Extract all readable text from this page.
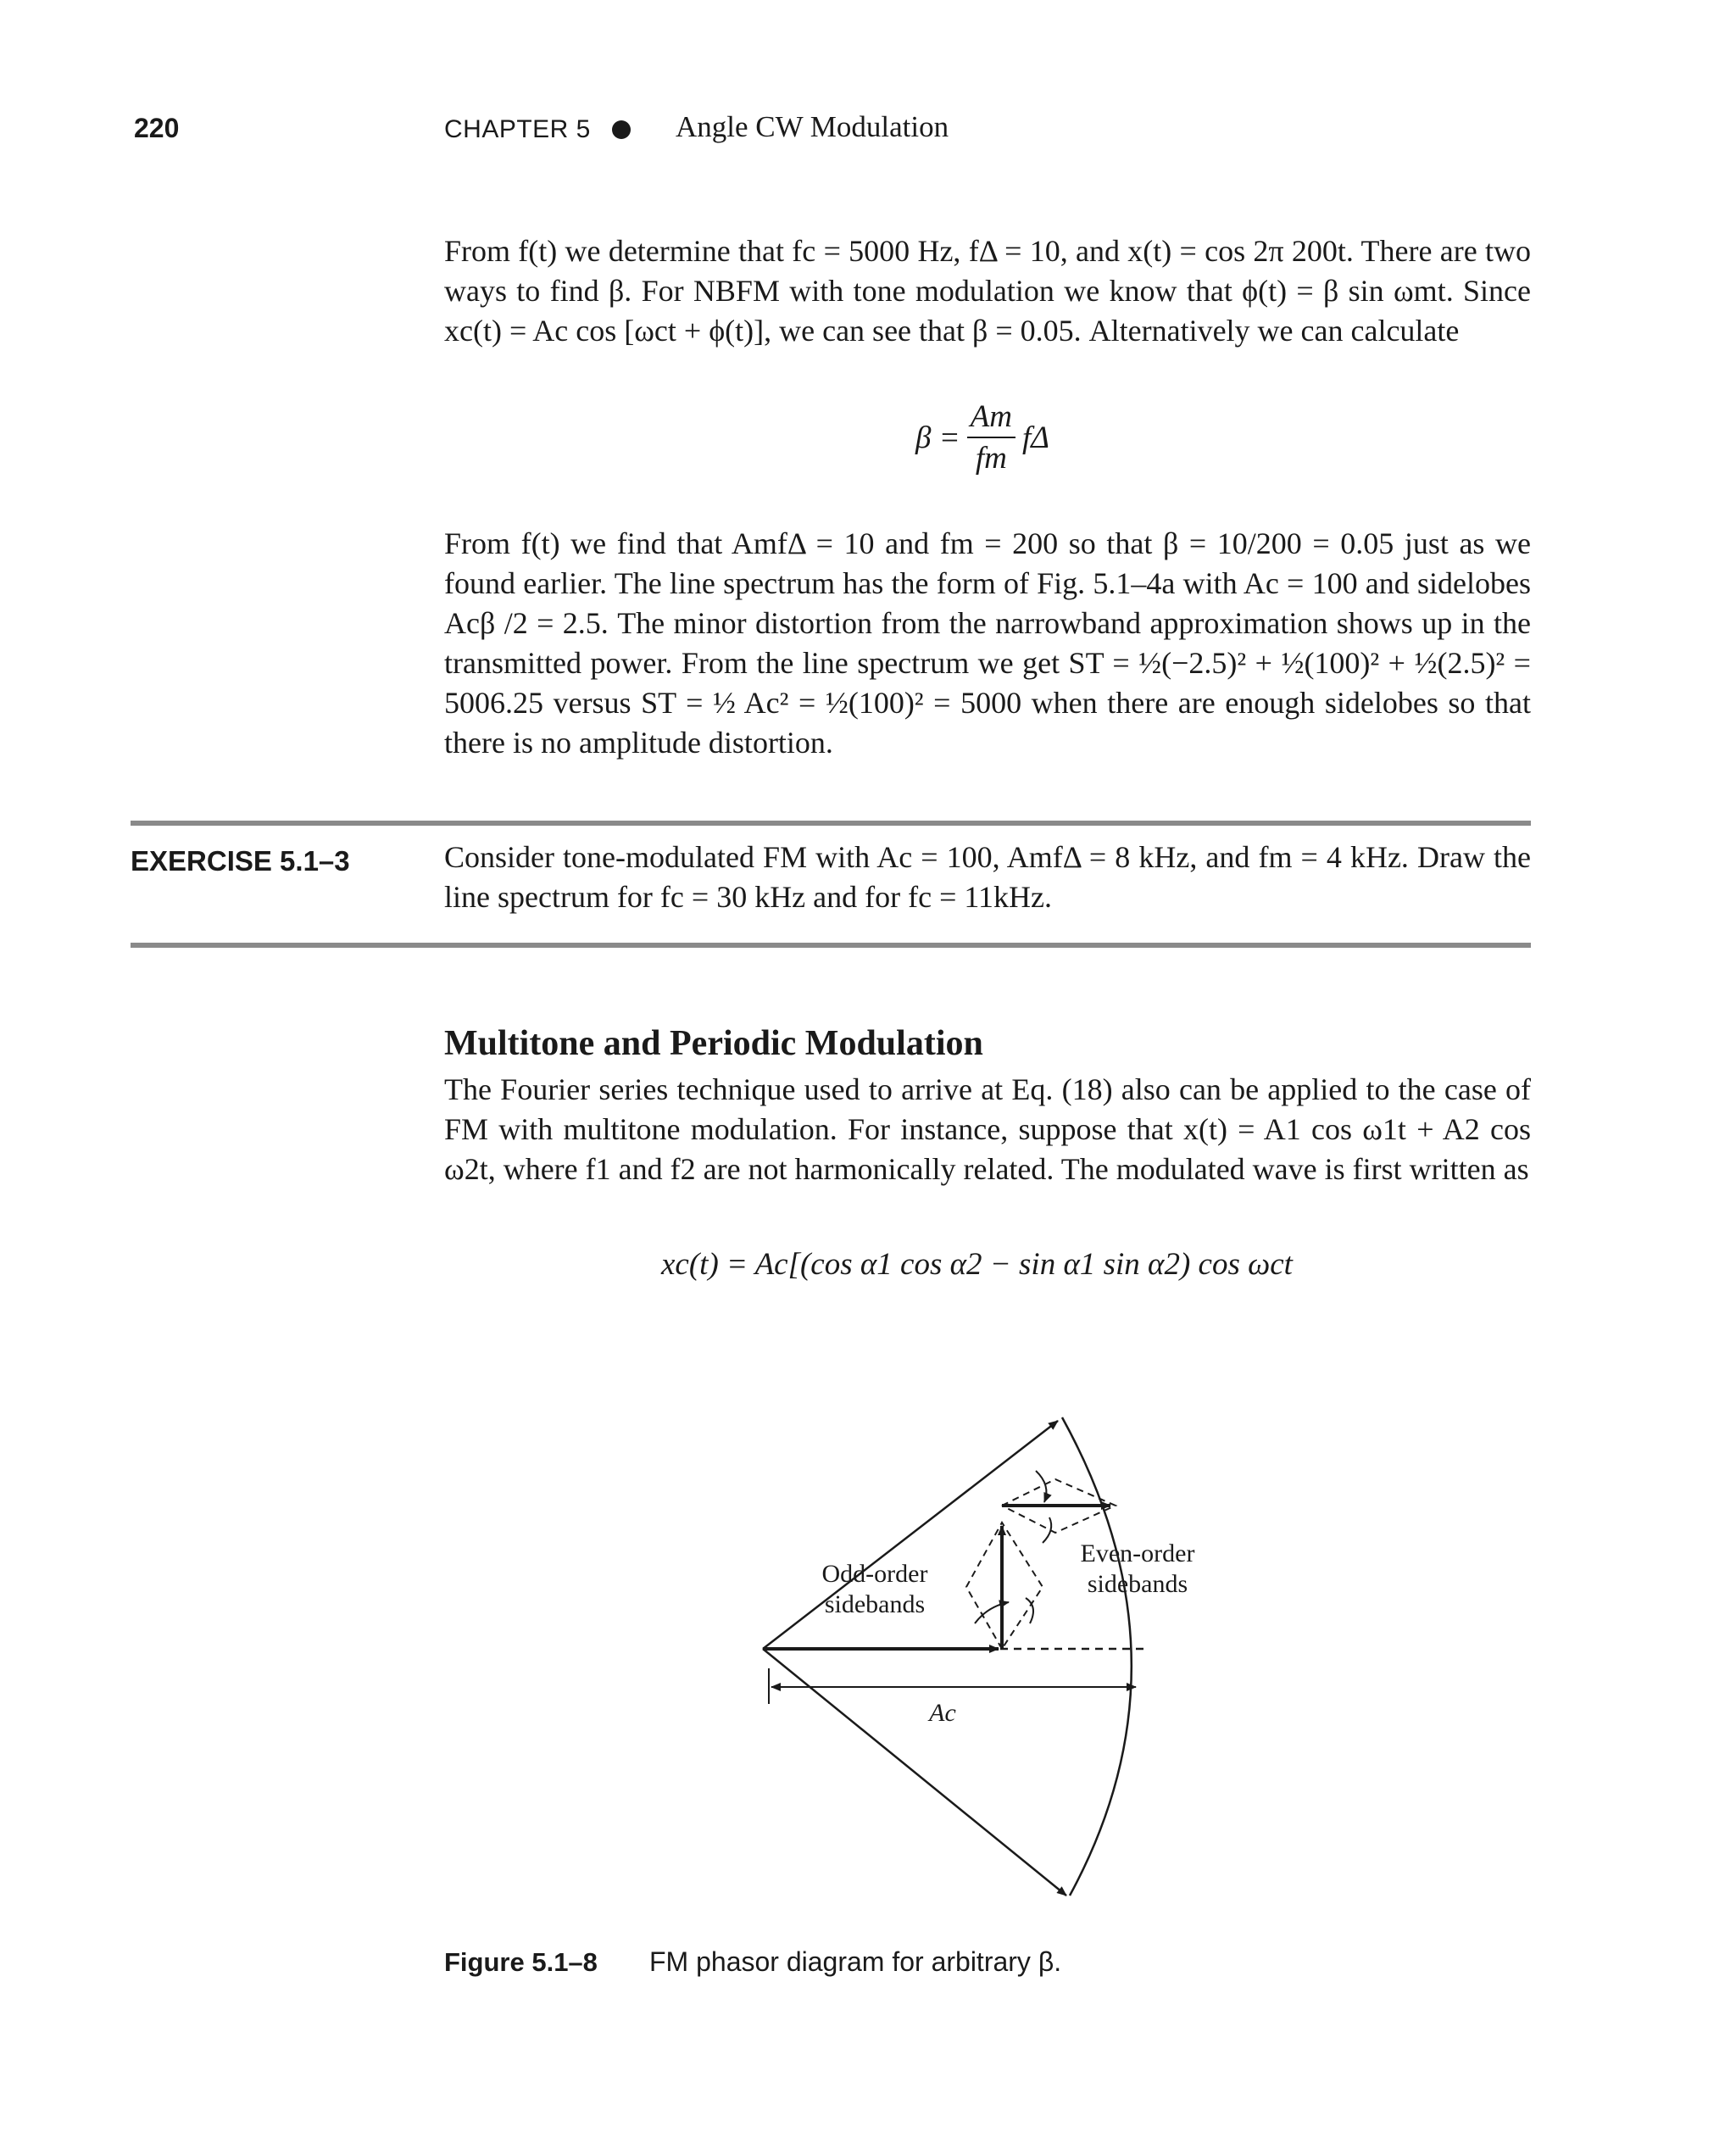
220	CHAPTER 5	Angle CW Modulation

From f(t) we determine that fc = 5000 Hz, fΔ = 10, and x(t) = cos 2π 200t. There are two ways to find β. For NBFM with tone modulation we know that ϕ(t) = β sin ωmt. Since xc(t) = Ac cos [ωct + ϕ(t)], we can see that β = 0.05. Alternatively we can calculate

$\beta = \frac{Am}{fm}$ fΔ

From f(t) we find that AmfΔ = 10 and fm = 200 so that β = 10/200 = 0.05 just as we found earlier. The line spectrum has the form of Fig. 5.1–4a with Ac = 100 and sidelobes Acβ /2 = 2.5. The minor distortion from the narrowband approximation shows up in the transmitted power. From the line spectrum we get ST = ½(−2.5)² + ½(100)² + ½(2.5)² = 5006.25 versus ST = ½ Ac² = ½(100)² = 5000 when there are enough sidelobes so that there is no amplitude distortion.

EXERCISE 5.1–3	Consider tone-modulated FM with Ac = 100, AmfΔ = 8 kHz, and fm = 4 kHz. Draw the line spectrum for fc = 30 kHz and for fc = 11kHz.

Multitone and Periodic Modulation

The Fourier series technique used to arrive at Eq. (18) also can be applied to the case of FM with multitone modulation. For instance, suppose that x(t) = A1 cos ω1t + A2 cos ω2t, where f1 and f2 are not harmonically related. The modulated wave is first written as

xc(t) = Ac[(cos α1 cos α2 − sin α1 sin α2) cos ωct
Odd-order
sidebands
Even-order
sidebands
Ac
Figure 5.1–8 FM phasor diagram for arbitrary β.
